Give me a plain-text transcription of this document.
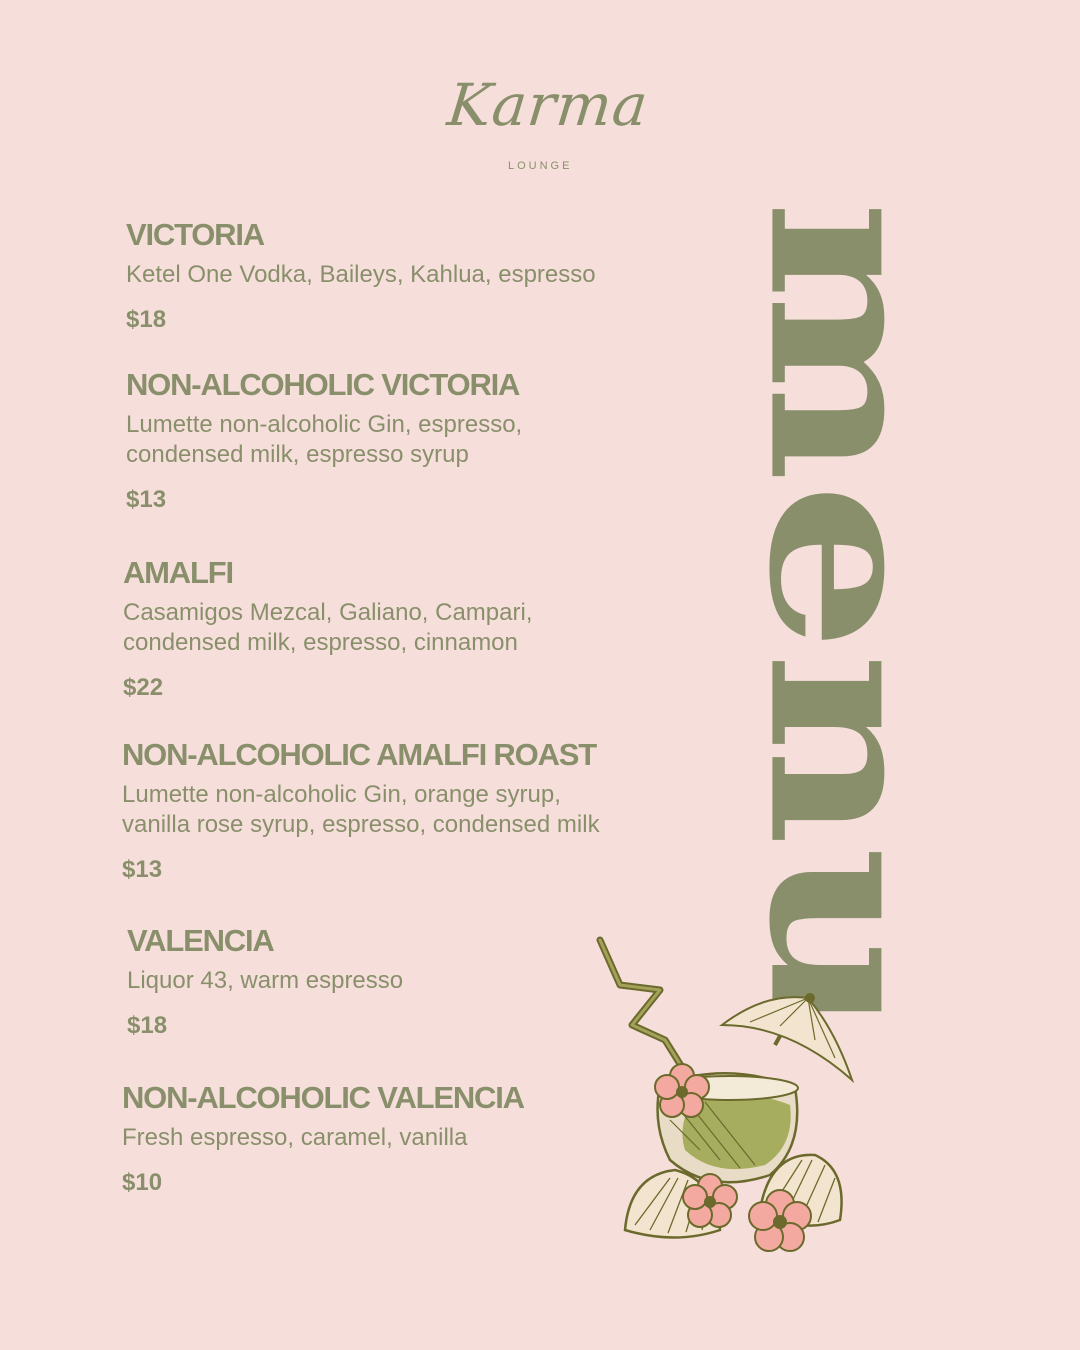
Karma
LOUNGE
menu
VICTORIA
Ketel One Vodka, Baileys, Kahlua, espresso
$18
NON-ALCOHOLIC VICTORIA
Lumette non-alcoholic Gin, espresso,
condensed milk, espresso syrup
$13
AMALFI
Casamigos Mezcal, Galiano, Campari,
condensed milk, espresso, cinnamon
$22
NON-ALCOHOLIC AMALFI ROAST
Lumette non-alcoholic Gin, orange syrup,
vanilla rose syrup, espresso, condensed milk
$13
VALENCIA
Liquor 43, warm espresso
$18
NON-ALCOHOLIC VALENCIA
Fresh espresso, caramel, vanilla
$10
